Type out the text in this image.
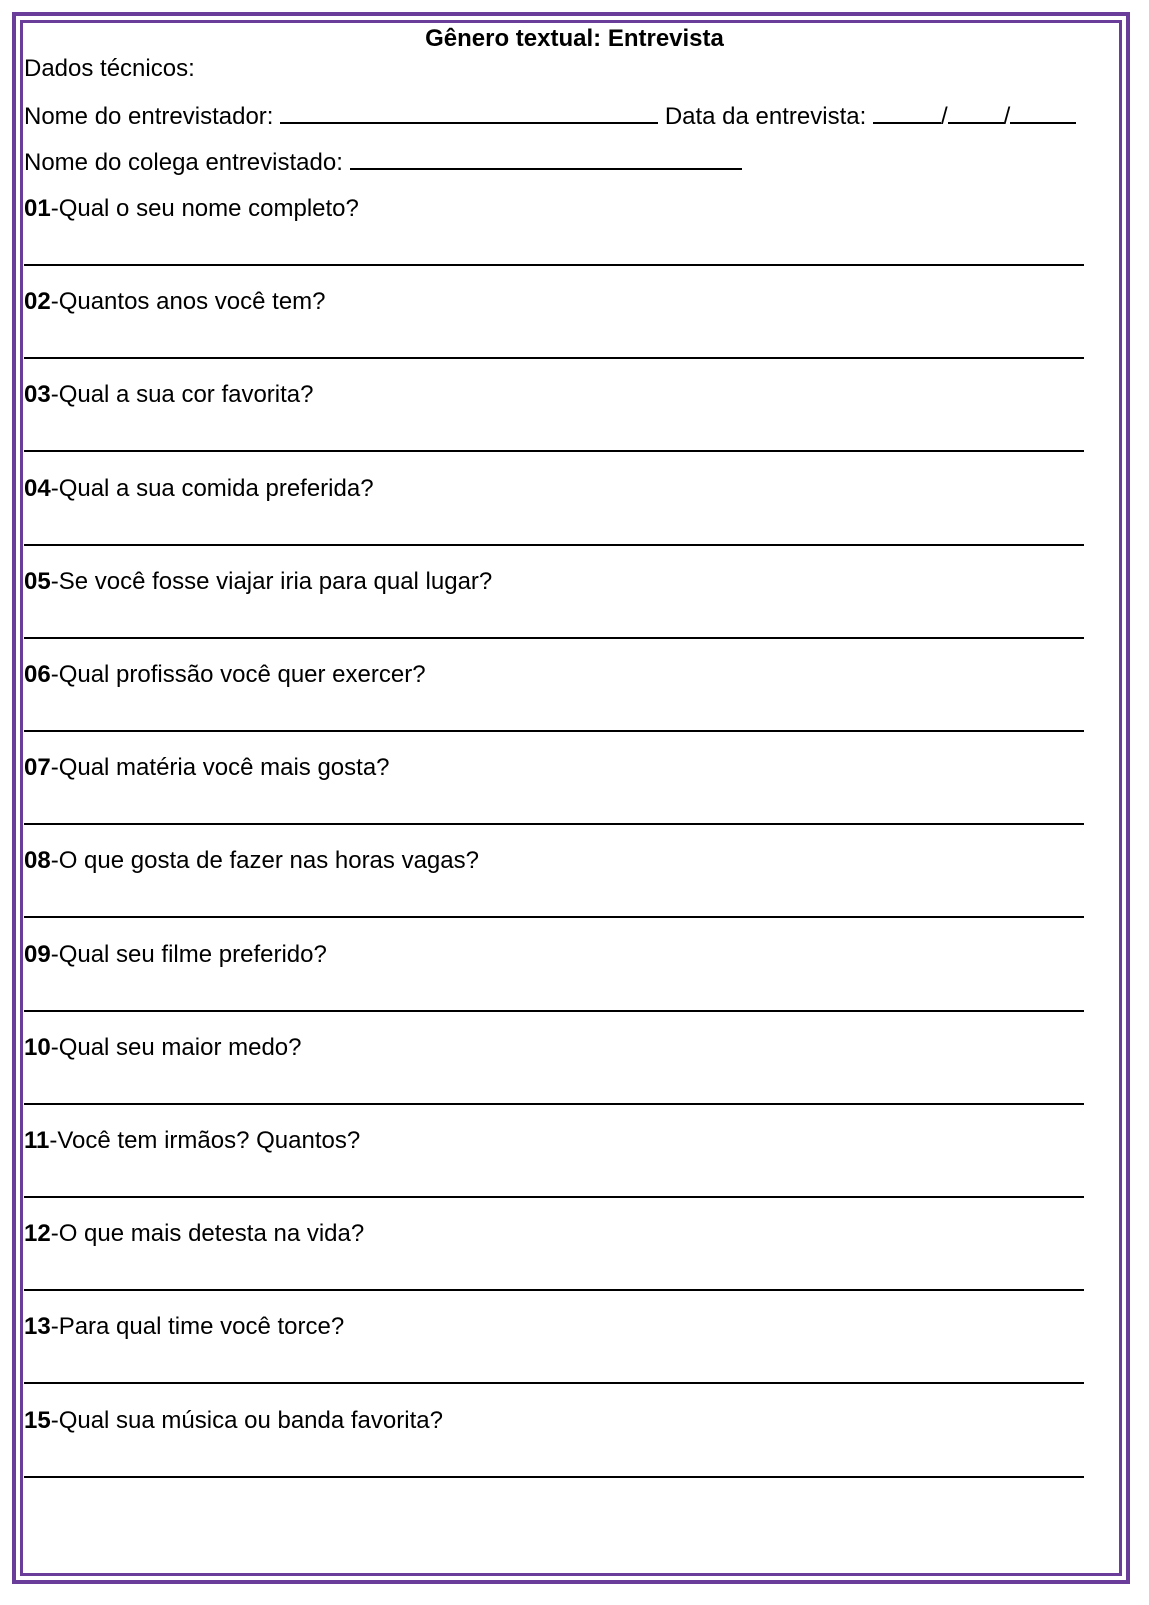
Gênero textual: Entrevista

Dados técnicos:

Nome do entrevistador:	Data da entrevista:	/ /

Nome do colega entrevistado:

01-Qual o seu nome completo?
02-Quantos anos você tem?
03-Qual a sua cor favorita?
04-Qual a sua comida preferida?
05-Se você fosse viajar iria para qual lugar?
06-Qual profissão você quer exercer?
07-Qual matéria você mais gosta?
08-O que gosta de fazer nas horas vagas?
09-Qual seu filme preferido?
10-Qual seu maior medo?
11-Você tem irmãos? Quantos?
12-O que mais detesta na vida?
13-Para qual time você torce?
15-Qual sua música ou banda favorita?
